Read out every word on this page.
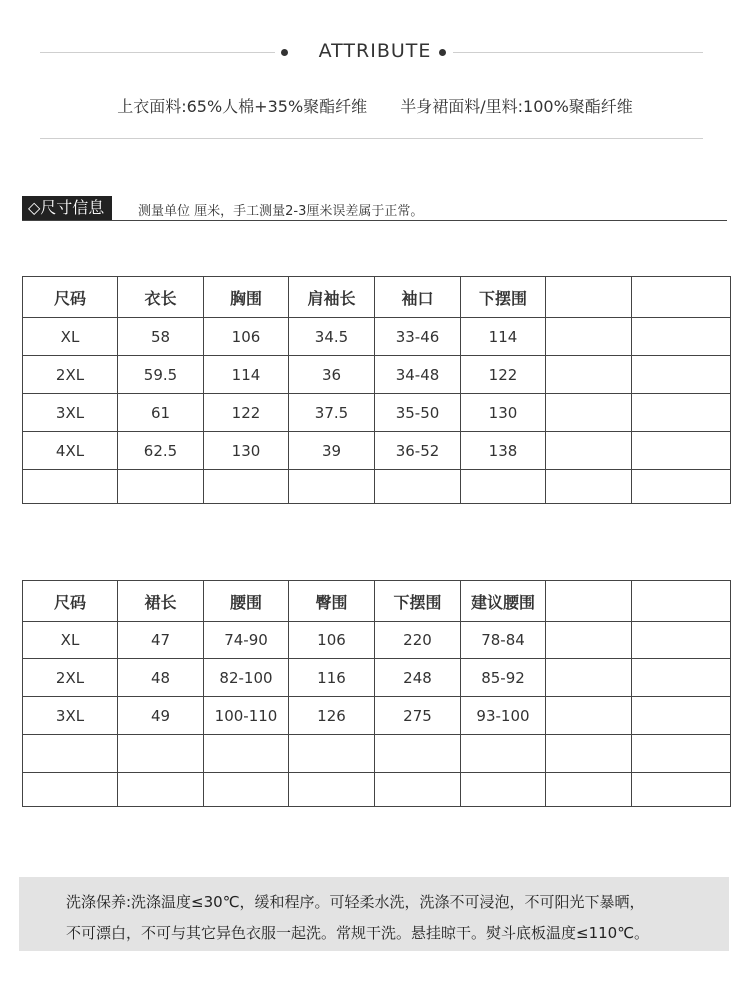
ATTRIBUTE
上衣面料:65%人棉+35%聚酯纤维 半身裙面料/里料:100%聚酯纤维
◇尺寸信息	测量单位 厘米，手工测量2-3厘米误差属于正常。
尺码	衣长	胸围	肩袖长	袖口	下摆围		
XL	58	106	34.5	33-46	114		
2XL	59.5	114	36	34-48	122		
3XL	61	122	37.5	35-50	130		
4XL	62.5	130	39	36-52	138		

尺码	裙长	腰围	臀围	下摆围	建议腰围		
XL	47	74-90	106	220	78-84		
2XL	48	82-100	116	248	85-92		
3XL	49	100-110	126	275	93-100		

洗涤保养:洗涤温度≤30℃，缓和程序。可轻柔水洗，洗涤不可浸泡，不可阳光下暴晒，
不可漂白，不可与其它异色衣服一起洗。常规干洗。悬挂晾干。熨斗底板温度≤110℃。
